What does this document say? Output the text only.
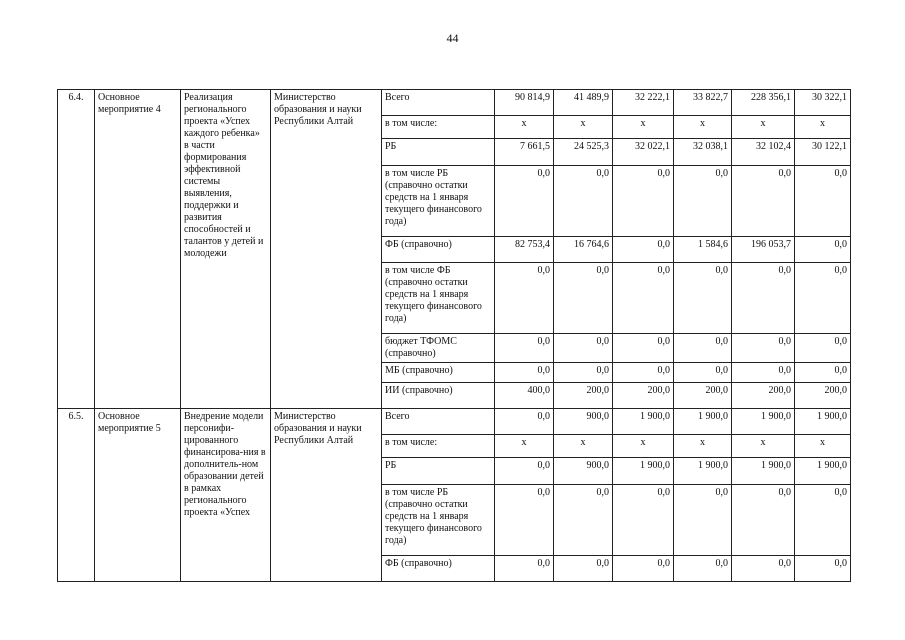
44
6.4.	Основное мероприятие 4	Реализация регионального проекта «Успех каждого ребенка» в части формирования эффективной системы выявления, поддержки и развития способностей и талантов у детей и молодежи	Министерство образования и науки Республики Алтай	Всего	90 814,9	41 489,9	32 222,1	33 822,7	228 356,1	30 322,1
				в том числе:	x	x	x	x	x	x
				РБ	7 661,5	24 525,3	32 022,1	32 038,1	32 102,4	30 122,1
				в том числе РБ (справочно остатки средств на 1 января текущего финансового года)	0,0	0,0	0,0	0,0	0,0	0,0
				ФБ (справочно)	82 753,4	16 764,6	0,0	1 584,6	196 053,7	0,0
				в том числе ФБ (справочно остатки средств на 1 января текущего финансового года)	0,0	0,0	0,0	0,0	0,0	0,0
				бюджет ТФОМС (справочно)	0,0	0,0	0,0	0,0	0,0	0,0
				МБ (справочно)	0,0	0,0	0,0	0,0	0,0	0,0
				ИИ (справочно)	400,0	200,0	200,0	200,0	200,0	200,0
6.5.	Основное мероприятие 5	Внедрение модели персонифи-цированного финансирова-ния в дополнитель-ном образовании детей в рамках регионального проекта «Успех	Министерство образования и науки Республики Алтай	Всего	0,0	900,0	1 900,0	1 900,0	1 900,0	1 900,0
				в том числе:	x	x	x	x	x	x
				РБ	0,0	900,0	1 900,0	1 900,0	1 900,0	1 900,0
				в том числе РБ (справочно остатки средств на 1 января текущего финансового года)	0,0	0,0	0,0	0,0	0,0	0,0
				ФБ (справочно)	0,0	0,0	0,0	0,0	0,0	0,0
